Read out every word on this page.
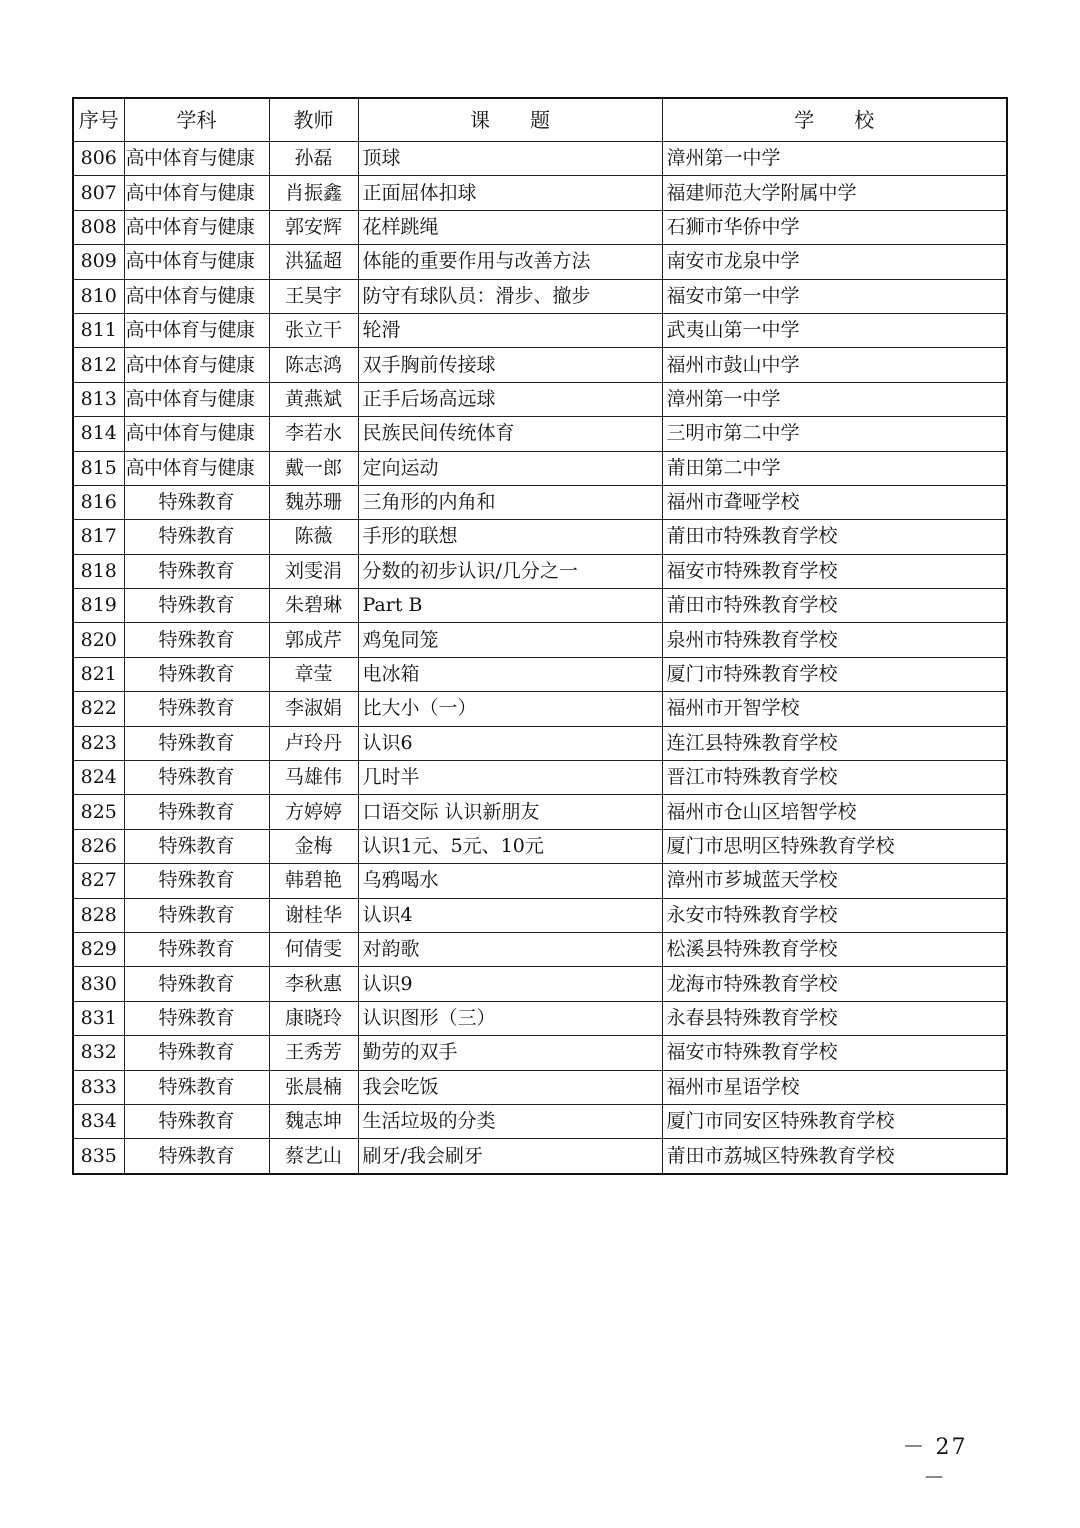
序号	学科	教师	课　　题	学　　校
806	高中体育与健康	孙磊	顶球	漳州第一中学
807	高中体育与健康	肖振鑫	正面屈体扣球	福建师范大学附属中学
808	高中体育与健康	郭安辉	花样跳绳	石狮市华侨中学
809	高中体育与健康	洪猛超	体能的重要作用与改善方法	南安市龙泉中学
810	高中体育与健康	王昊宇	防守有球队员：滑步、撤步	福安市第一中学
811	高中体育与健康	张立干	轮滑	武夷山第一中学
812	高中体育与健康	陈志鸿	双手胸前传接球	福州市鼓山中学
813	高中体育与健康	黄燕斌	正手后场高远球	漳州第一中学
814	高中体育与健康	李若水	民族民间传统体育	三明市第二中学
815	高中体育与健康	戴一郎	定向运动	莆田第二中学
816	特殊教育	魏苏珊	三角形的内角和	福州市聋哑学校
817	特殊教育	陈薇	手形的联想	莆田市特殊教育学校
818	特殊教育	刘雯涓	分数的初步认识/几分之一	福安市特殊教育学校
819	特殊教育	朱碧琳	Part B	莆田市特殊教育学校
820	特殊教育	郭成芹	鸡兔同笼	泉州市特殊教育学校
821	特殊教育	章莹	电冰箱	厦门市特殊教育学校
822	特殊教育	李淑娟	比大小（一）	福州市开智学校
823	特殊教育	卢玲丹	认识6	连江县特殊教育学校
824	特殊教育	马雄伟	几时半	晋江市特殊教育学校
825	特殊教育	方婷婷	口语交际 认识新朋友	福州市仓山区培智学校
826	特殊教育	金梅	认识1元、5元、10元	厦门市思明区特殊教育学校
827	特殊教育	韩碧艳	乌鸦喝水	漳州市芗城蓝天学校
828	特殊教育	谢桂华	认识4	永安市特殊教育学校
829	特殊教育	何倩雯	对韵歌	松溪县特殊教育学校
830	特殊教育	李秋惠	认识9	龙海市特殊教育学校
831	特殊教育	康晓玲	认识图形（三）	永春县特殊教育学校
832	特殊教育	王秀芳	勤劳的双手	福安市特殊教育学校
833	特殊教育	张晨楠	我会吃饭	福州市星语学校
834	特殊教育	魏志坤	生活垃圾的分类	厦门市同安区特殊教育学校
835	特殊教育	蔡艺山	刷牙/我会刷牙	莆田市荔城区特殊教育学校
－ 27 －
